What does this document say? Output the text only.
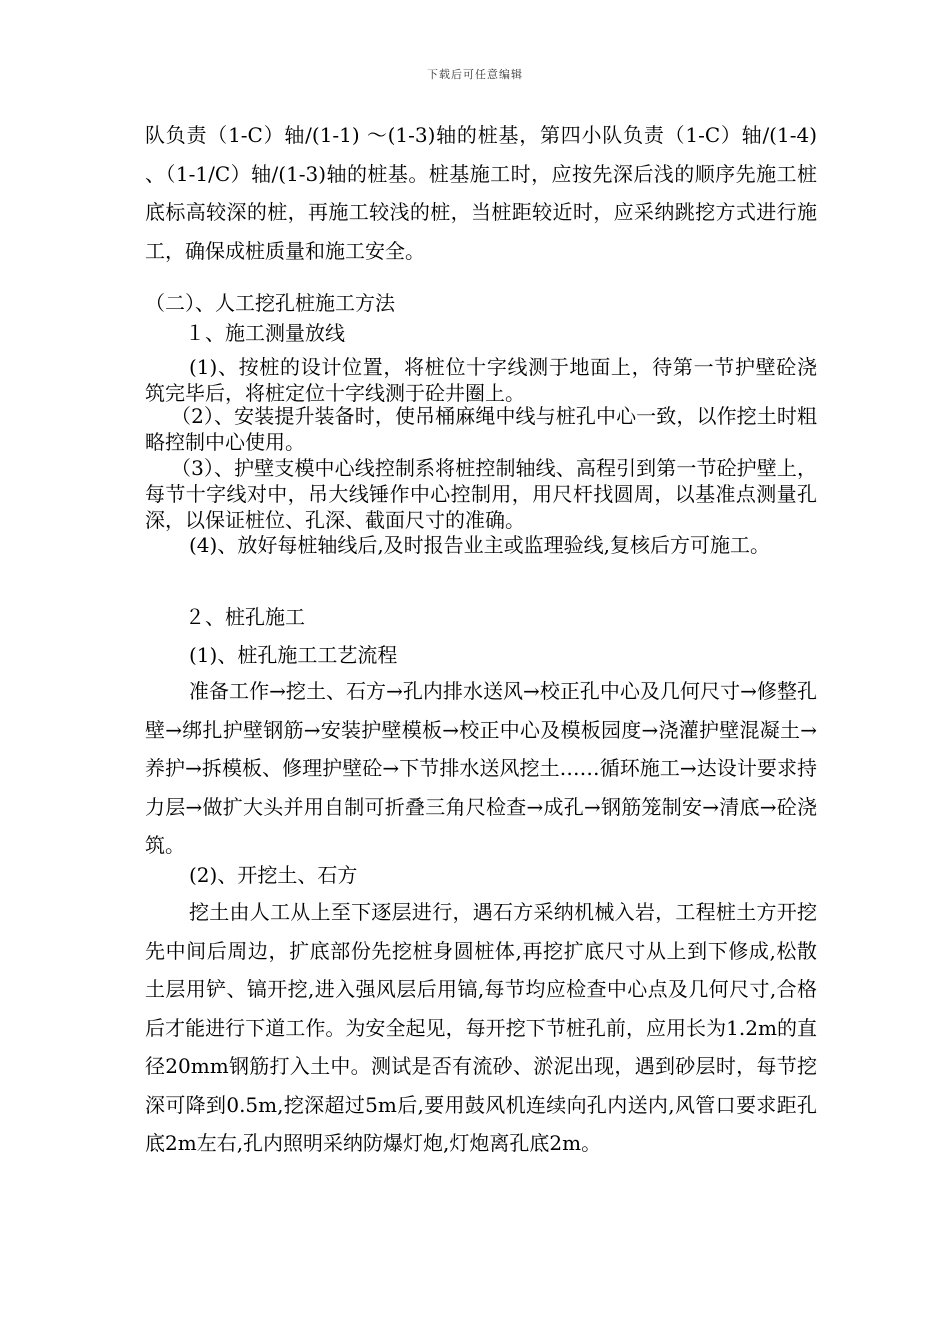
下载后可任意编辑

队负责（1-C）轴/(1-1) ～(1-3)轴的桩基，第四小队负责（1-C）轴/(1-4) 、（1-1/C）轴/(1-3)轴的桩基。桩基施工时，应按先深后浅的顺序先施工桩底标高较深的桩，再施工较浅的桩，当桩距较近时，应采纳跳挖方式进行施工，确保成桩质量和施工安全。

（二）、人工挖孔桩施工方法

１、施工测量放线

(1)、按桩的设计位置，将桩位十字线测于地面上，待第一节护壁砼浇筑完毕后，将桩定位十字线测于砼井圈上。

（2）、安装提升装备时，使吊桶麻绳中线与桩孔中心一致，以作挖土时粗略控制中心使用。

（3）、护壁支模中心线控制系将桩控制轴线、高程引到第一节砼护壁上，每节十字线对中，吊大线锤作中心控制用，用尺杆找圆周，以基准点测量孔深，以保证桩位、孔深、截面尺寸的准确。

(4)、放好每桩轴线后,及时报告业主或监理验线,复核后方可施工。

２、桩孔施工

(1)、桩孔施工工艺流程

准备工作→挖土、石方→孔内排水送风→校正孔中心及几何尺寸→修整孔壁→绑扎护壁钢筋→安装护壁模板→校正中心及模板园度→浇灌护壁混凝土→养护→拆模板、修理护壁砼→下节排水送风挖土……循环施工→达设计要求持力层→做扩大头并用自制可折叠三角尺检查→成孔→钢筋笼制安→清底→砼浇筑。

(2)、开挖土、石方

挖土由人工从上至下逐层进行，遇石方采纳机械入岩，工程桩土方开挖先中间后周边，扩底部份先挖桩身圆桩体,再挖扩底尺寸从上到下修成,松散土层用铲、镐开挖,进入强风层后用镐,每节均应检查中心点及几何尺寸,合格后才能进行下道工作。为安全起见，每开挖下节桩孔前，应用长为1.2m的直径20mm钢筋打入土中。测试是否有流砂、淤泥出现，遇到砂层时，每节挖深可降到0.5m,挖深超过5m后,要用鼓风机连续向孔内送内,风管口要求距孔底2m左右,孔内照明采纳防爆灯炮,灯炮离孔底2m。
